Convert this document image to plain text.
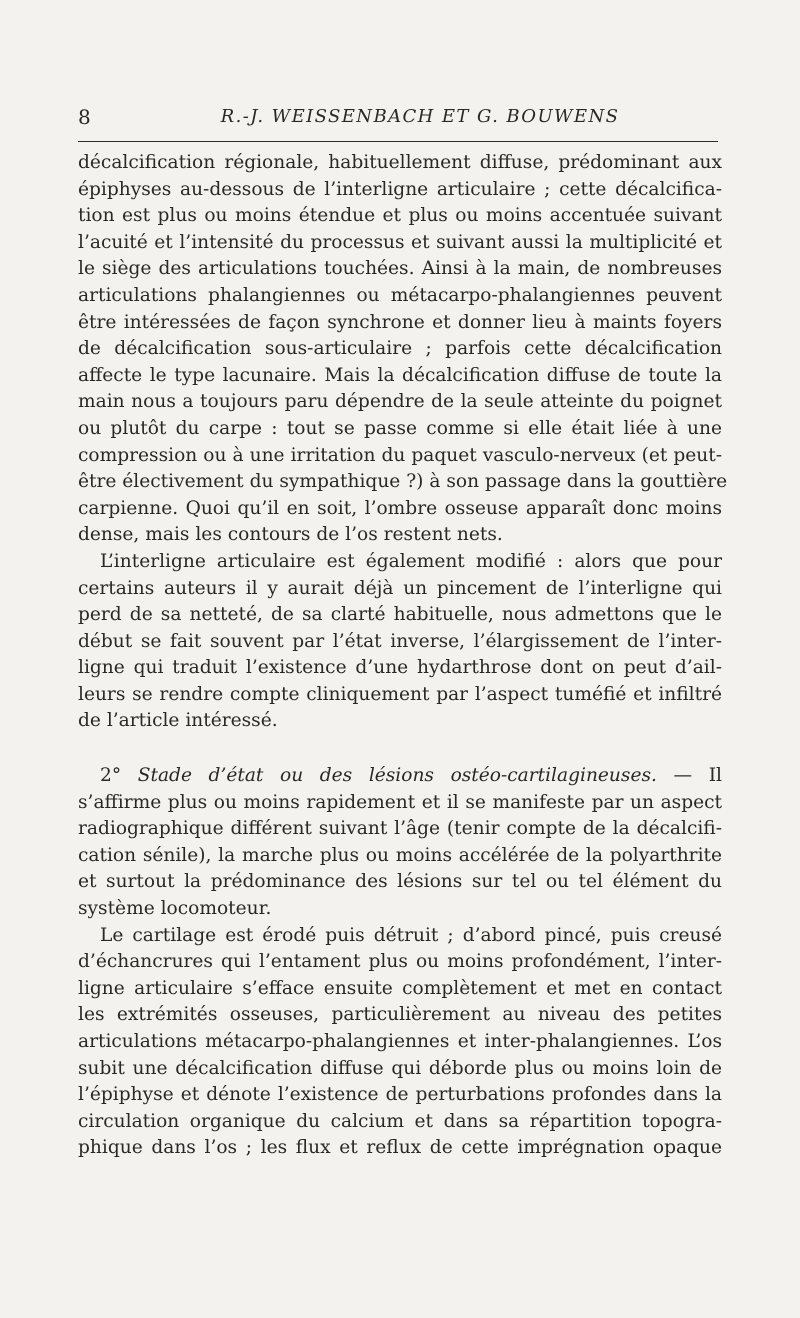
8	R.-J. WEISSENBACH ET G. BOUWENS
décalcification régionale, habituellement diffuse, prédominant aux
épiphyses au-dessous de l’interligne articulaire ; cette décalcifica-
tion est plus ou moins étendue et plus ou moins accentuée suivant
l’acuité et l’intensité du processus et suivant aussi la multiplicité et
le siège des articulations touchées. Ainsi à la main, de nombreuses
articulations phalangiennes ou métacarpo-phalangiennes peuvent
être intéressées de façon synchrone et donner lieu à maints foyers
de décalcification sous-articulaire ; parfois cette décalcification
affecte le type lacunaire. Mais la décalcification diffuse de toute la
main nous a toujours paru dépendre de la seule atteinte du poignet
ou plutôt du carpe : tout se passe comme si elle était liée à une
compression ou à une irritation du paquet vasculo-nerveux (et peut-
être électivement du sympathique ?) à son passage dans la gouttière
carpienne. Quoi qu’il en soit, l’ombre osseuse apparaît donc moins
dense, mais les contours de l’os restent nets.
L’interligne articulaire est également modifié : alors que pour
certains auteurs il y aurait déjà un pincement de l’interligne qui
perd de sa netteté, de sa clarté habituelle, nous admettons que le
début se fait souvent par l’état inverse, l’élargissement de l’inter-
ligne qui traduit l’existence d’une hydarthrose dont on peut d’ail-
leurs se rendre compte cliniquement par l’aspect tuméfié et infiltré
de l’article intéressé.
2° Stade d’état ou des lésions ostéo-cartilagineuses. — Il
s’affirme plus ou moins rapidement et il se manifeste par un aspect
radiographique différent suivant l’âge (tenir compte de la décalcifi-
cation sénile), la marche plus ou moins accélérée de la polyarthrite
et surtout la prédominance des lésions sur tel ou tel élément du
système locomoteur.
Le cartilage est érodé puis détruit ; d’abord pincé, puis creusé
d’échancrures qui l’entament plus ou moins profondément, l’inter-
ligne articulaire s’efface ensuite complètement et met en contact
les extrémités osseuses, particulièrement au niveau des petites
articulations métacarpo-phalangiennes et inter-phalangiennes. L’os
subit une décalcification diffuse qui déborde plus ou moins loin de
l’épiphyse et dénote l’existence de perturbations profondes dans la
circulation organique du calcium et dans sa répartition topogra-
phique dans l’os ; les flux et reflux de cette imprégnation opaque
